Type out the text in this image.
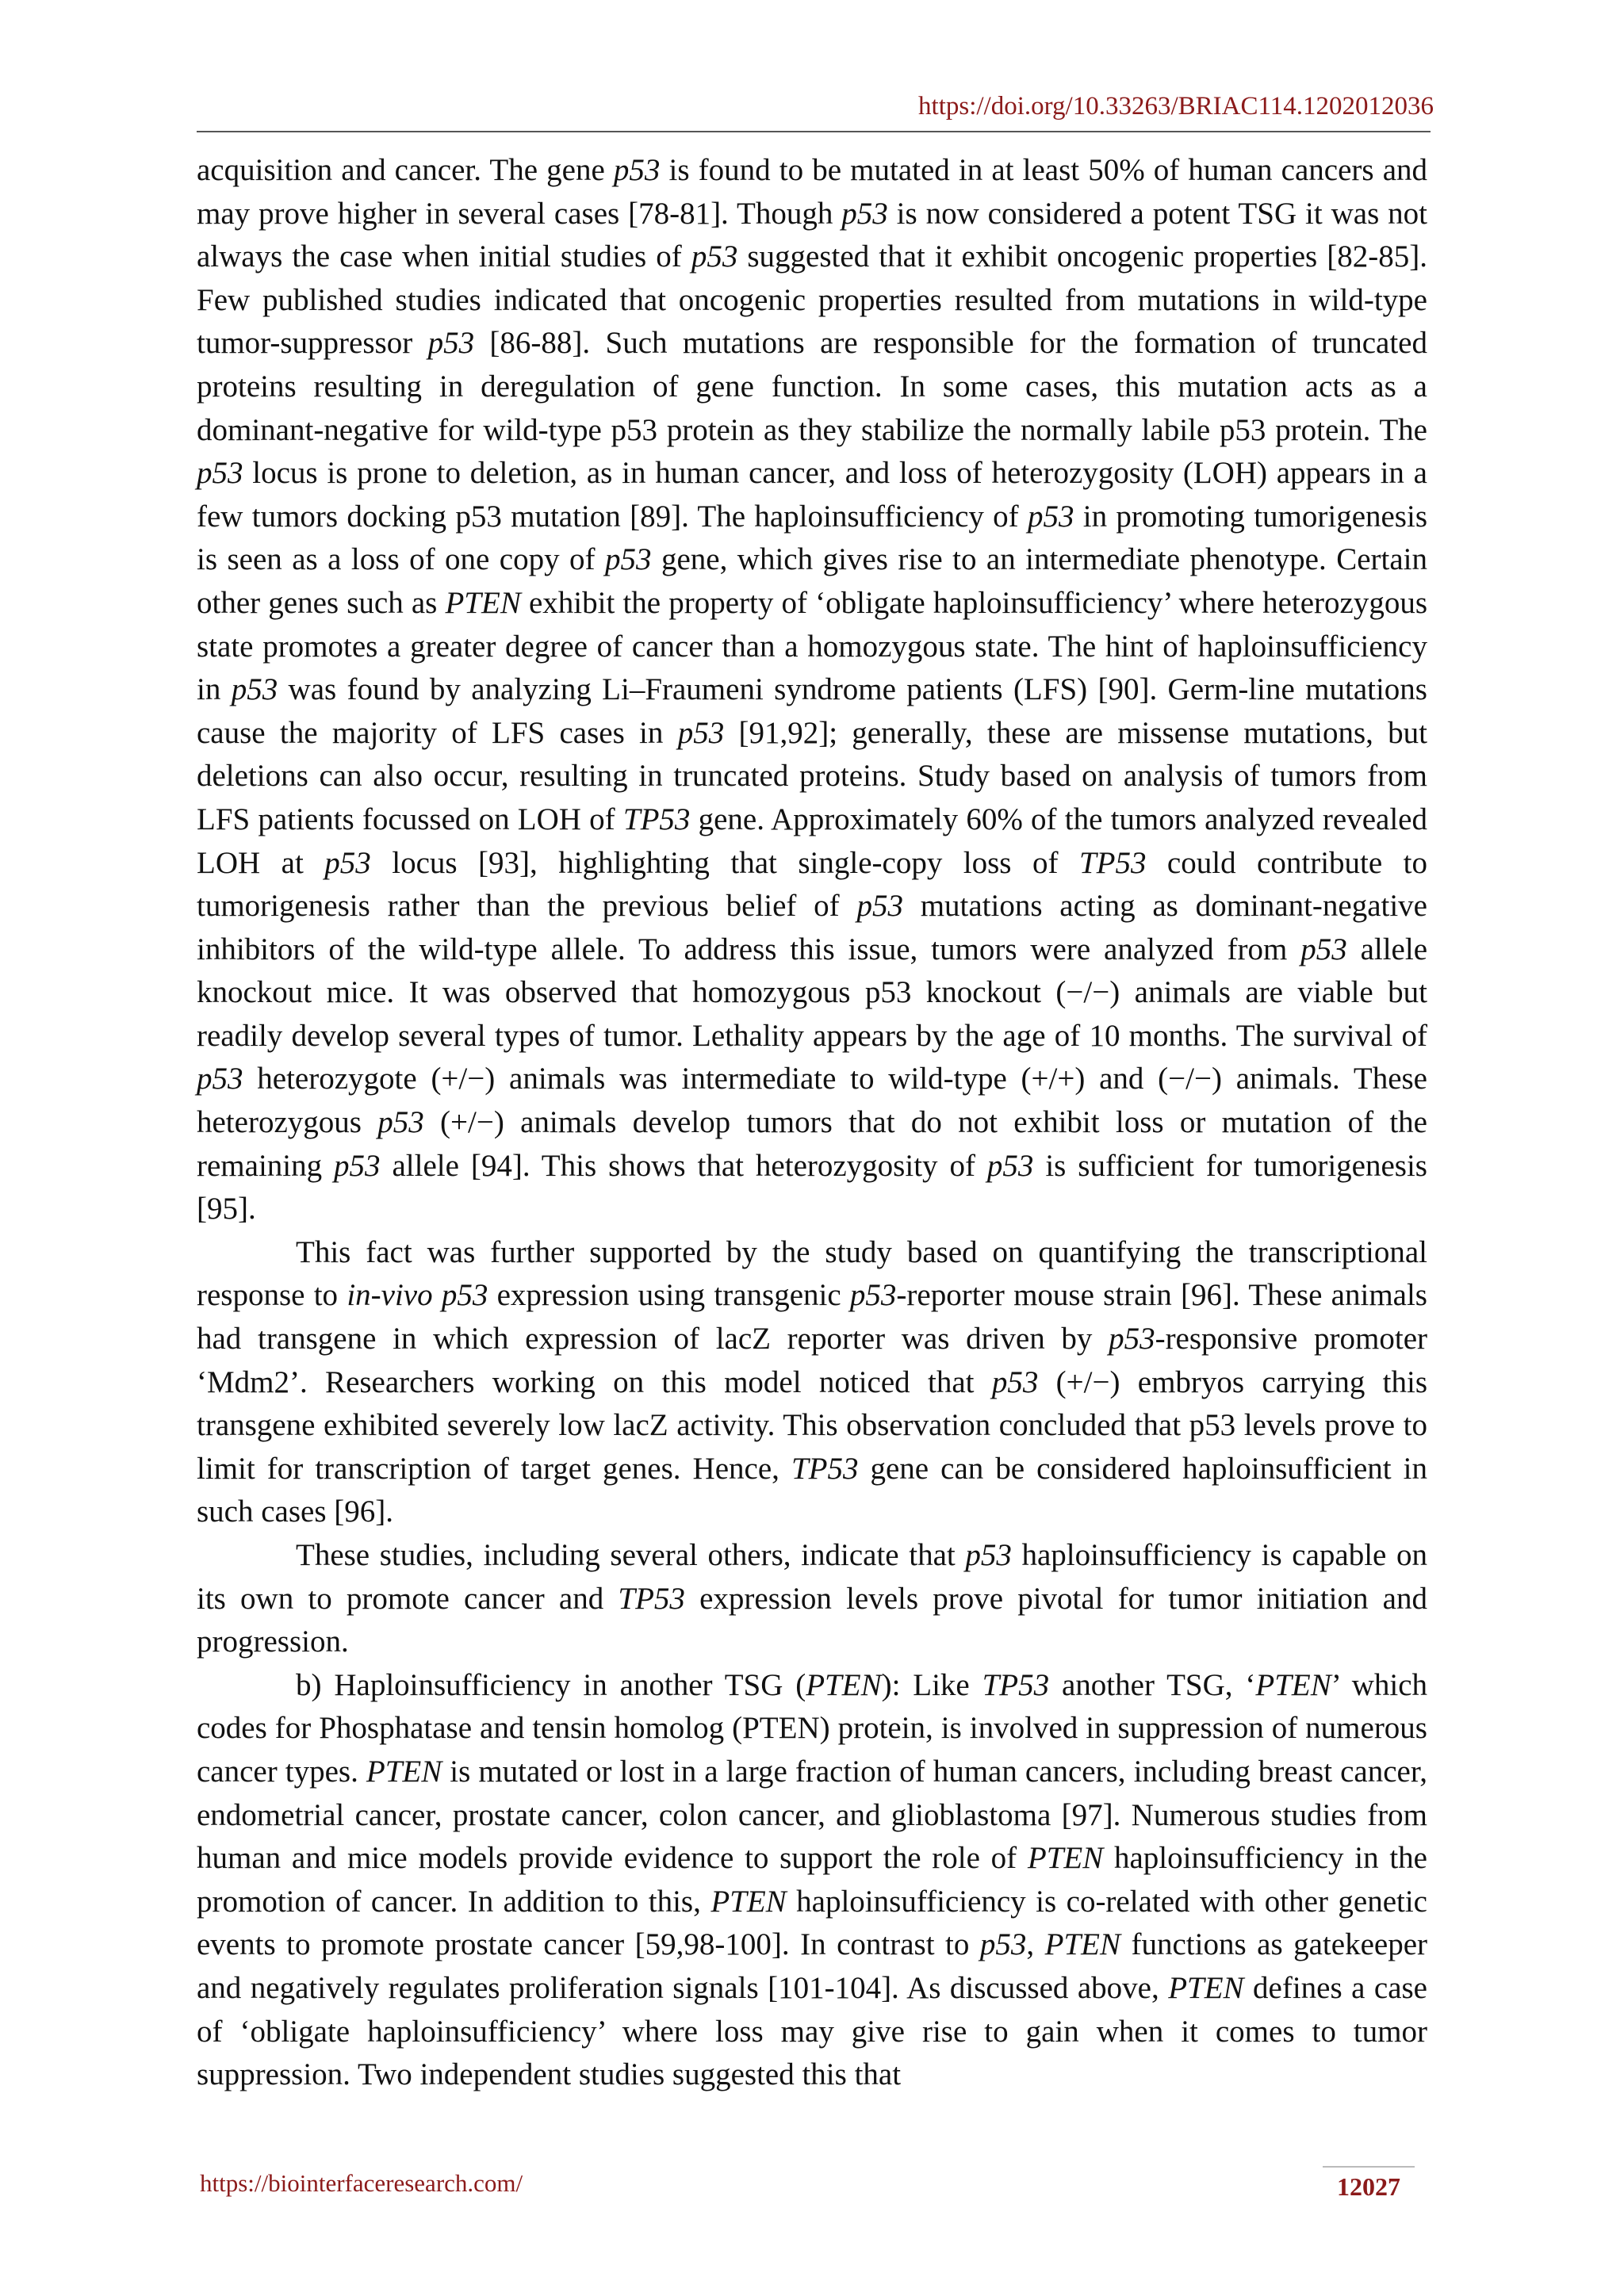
https://doi.org/10.33263/BRIAC114.1202012036

acquisition and cancer. The gene p53 is found to be mutated in at least 50% of human cancers and may prove higher in several cases [78-81]. Though p53 is now considered a potent TSG it was not always the case when initial studies of p53 suggested that it exhibit oncogenic properties [82-85]. Few published studies indicated that oncogenic properties resulted from mutations in wild-type tumor-suppressor p53 [86-88]. Such mutations are responsible for the formation of truncated proteins resulting in deregulation of gene function. In some cases, this mutation acts as a dominant-negative for wild-type p53 protein as they stabilize the normally labile p53 protein. The p53 locus is prone to deletion, as in human cancer, and loss of heterozygosity (LOH) appears in a few tumors docking p53 mutation [89]. The haploinsufficiency of p53 in promoting tumorigenesis is seen as a loss of one copy of p53 gene, which gives rise to an intermediate phenotype. Certain other genes such as PTEN exhibit the property of ‘obligate haploinsufficiency’ where heterozygous state promotes a greater degree of cancer than a homozygous state. The hint of haploinsufficiency in p53 was found by analyzing Li–Fraumeni syndrome patients (LFS) [90]. Germ-line mutations cause the majority of LFS cases in p53 [91,92]; generally, these are missense mutations, but deletions can also occur, resulting in truncated proteins. Study based on analysis of tumors from LFS patients focussed on LOH of TP53 gene. Approximately 60% of the tumors analyzed revealed LOH at p53 locus [93], highlighting that single-copy loss of TP53 could contribute to tumorigenesis rather than the previous belief of p53 mutations acting as dominant-negative inhibitors of the wild-type allele. To address this issue, tumors were analyzed from p53 allele knockout mice. It was observed that homozygous p53 knockout (−/−) animals are viable but readily develop several types of tumor. Lethality appears by the age of 10 months. The survival of p53 heterozygote (+/−) animals was intermediate to wild-type (+/+) and (−/−) animals. These heterozygous p53 (+/−) animals develop tumors that do not exhibit loss or mutation of the remaining p53 allele [94]. This shows that heterozygosity of p53 is sufficient for tumorigenesis [95].

This fact was further supported by the study based on quantifying the transcriptional response to in-vivo p53 expression using transgenic p53-reporter mouse strain [96]. These animals had transgene in which expression of lacZ reporter was driven by p53-responsive promoter ‘Mdm2’. Researchers working on this model noticed that p53 (+/−) embryos carrying this transgene exhibited severely low lacZ activity. This observation concluded that p53 levels prove to limit for transcription of target genes. Hence, TP53 gene can be considered haploinsufficient in such cases [96].

These studies, including several others, indicate that p53 haploinsufficiency is capable on its own to promote cancer and TP53 expression levels prove pivotal for tumor initiation and progression.

b) Haploinsufficiency in another TSG (PTEN): Like TP53 another TSG, ‘PTEN’ which codes for Phosphatase and tensin homolog (PTEN) protein, is involved in suppression of numerous cancer types. PTEN is mutated or lost in a large fraction of human cancers, including breast cancer, endometrial cancer, prostate cancer, colon cancer, and glioblastoma [97]. Numerous studies from human and mice models provide evidence to support the role of PTEN haploinsufficiency in the promotion of cancer. In addition to this, PTEN haploinsufficiency is co-related with other genetic events to promote prostate cancer [59,98-100]. In contrast to p53, PTEN functions as gatekeeper and negatively regulates proliferation signals [101-104]. As discussed above, PTEN defines a case of ‘obligate haploinsufficiency’ where loss may give rise to gain when it comes to tumor suppression. Two independent studies suggested this that

https://biointerfaceresearch.com/	12027
